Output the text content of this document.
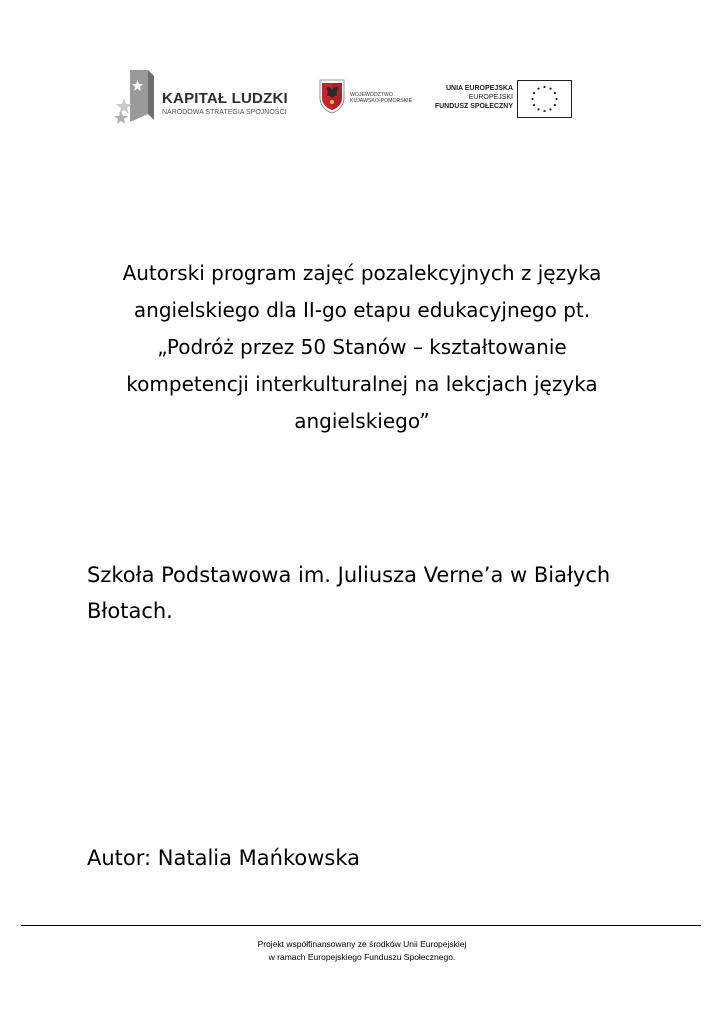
KAPITAŁ LUDZKI
NARODOWA STRATEGIA SPÓJNOŚCI
WOJEWÓDZTWO
KUJAWSKO-POMORSKIE
UNIA EUROPEJSKA
EUROPEJSKI
FUNDUSZ SPOŁECZNY
Autorski program zajęć pozalekcyjnych z języka
angielskiego dla II-go etapu edukacyjnego pt.
„Podróż przez 50 Stanów – kształtowanie
kompetencji interkulturalnej na lekcjach języka
angielskiego”
Szkoła Podstawowa im. Juliusza Verne’a w Białych
Błotach.
Autor: Natalia Mańkowska
Projekt współfinansowany ze środków Unii Europejskiej
w ramach Europejskiego Funduszu Społecznego.
